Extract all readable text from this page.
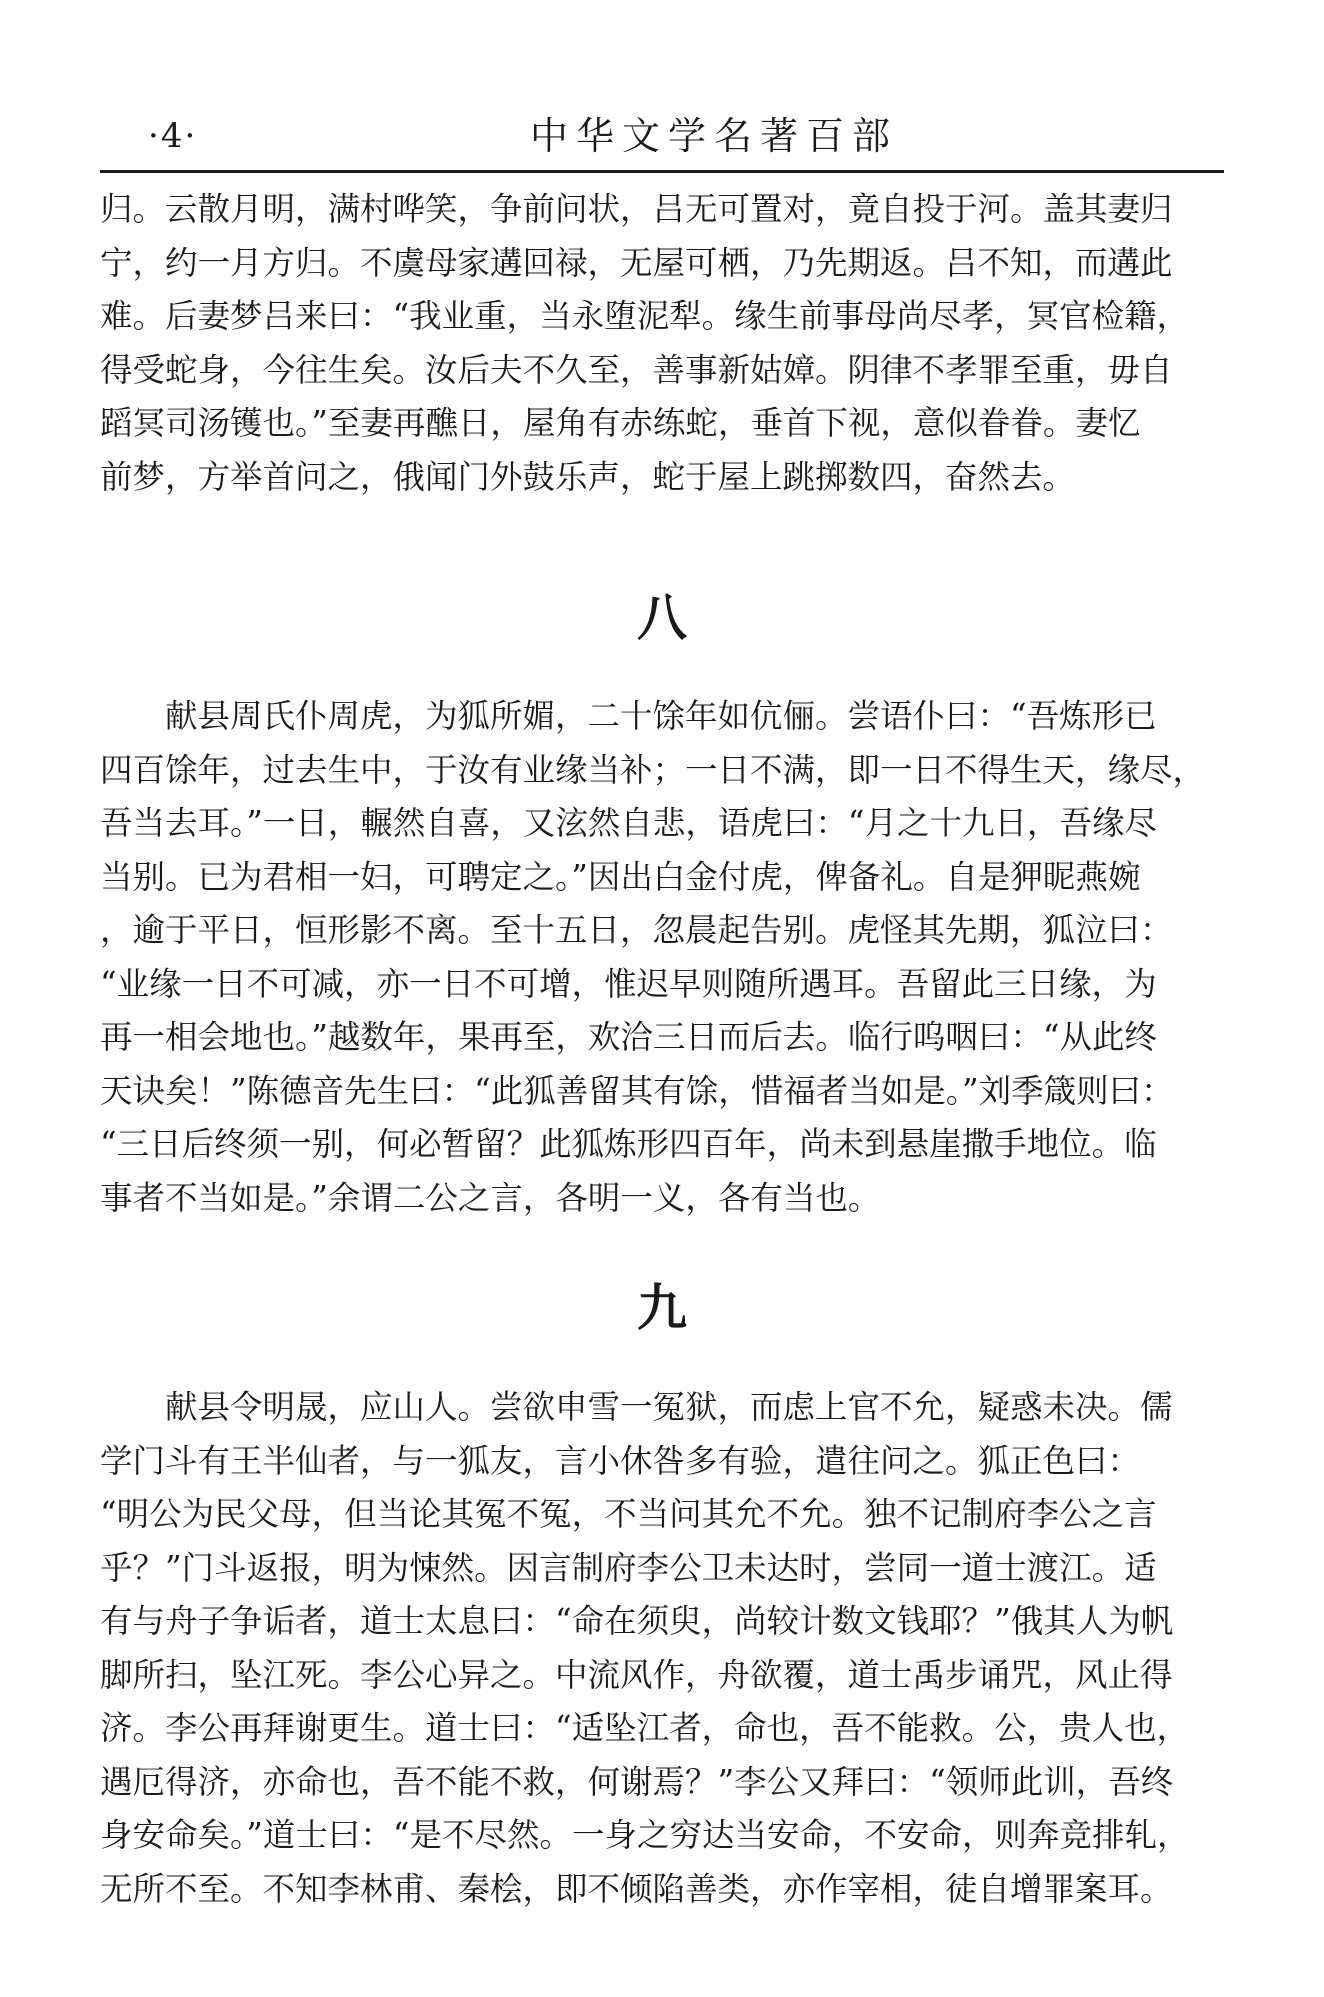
·4·	中华文学名著百部
归。云散月明，满村哗笑，争前问状，吕无可置对，竟自投于河。盖其妻归
宁，约一月方归。不虞母家遘回禄，无屋可栖，乃先期返。吕不知，而遘此
难。后妻梦吕来曰：“我业重，当永堕泥犁。缘生前事母尚尽孝，冥官检籍，
得受蛇身，今往生矣。汝后夫不久至，善事新姑嫜。阴律不孝罪至重，毋自
蹈冥司汤镬也。”至妻再醮日，屋角有赤练蛇，垂首下视，意似眷眷。妻忆
前梦，方举首问之，俄闻门外鼓乐声，蛇于屋上跳掷数四，奋然去。
八
　　献县周氏仆周虎，为狐所媚，二十馀年如伉俪。尝语仆曰：“吾炼形已
四百馀年，过去生中，于汝有业缘当补；一日不满，即一日不得生天，缘尽，
吾当去耳。”一日，輾然自喜，又泫然自悲，语虎曰：“月之十九日，吾缘尽
当别。已为君相一妇，可聘定之。”因出白金付虎，俾备礼。自是狎昵燕婉
，逾于平日，恒形影不离。至十五日，忽晨起告别。虎怪其先期，狐泣曰：
“业缘一日不可减，亦一日不可增，惟迟早则随所遇耳。吾留此三日缘，为
再一相会地也。”越数年，果再至，欢洽三日而后去。临行呜咽曰：“从此终
天诀矣！”陈德音先生曰：“此狐善留其有馀，惜福者当如是。”刘季箴则曰：
“三日后终须一别，何必暂留？此狐炼形四百年，尚未到悬崖撒手地位。临
事者不当如是。”余谓二公之言，各明一义，各有当也。
九
　　献县令明晟，应山人。尝欲申雪一冤狱，而虑上官不允，疑惑未决。儒
学门斗有王半仙者，与一狐友，言小休咎多有验，遣往问之。狐正色曰：
“明公为民父母，但当论其冤不冤，不当问其允不允。独不记制府李公之言
乎？”门斗返报，明为悚然。因言制府李公卫未达时，尝同一道士渡江。适
有与舟子争诟者，道士太息曰：“命在须臾，尚较计数文钱耶？”俄其人为帆
脚所扫，坠江死。李公心异之。中流风作，舟欲覆，道士禹步诵咒，风止得
济。李公再拜谢更生。道士曰：“适坠江者，命也，吾不能救。公，贵人也，
遇厄得济，亦命也，吾不能不救，何谢焉？”李公又拜曰：“领师此训，吾终
身安命矣。”道士曰：“是不尽然。一身之穷达当安命，不安命，则奔竞排轧，
无所不至。不知李林甫、秦桧，即不倾陷善类，亦作宰相，徒自增罪案耳。
